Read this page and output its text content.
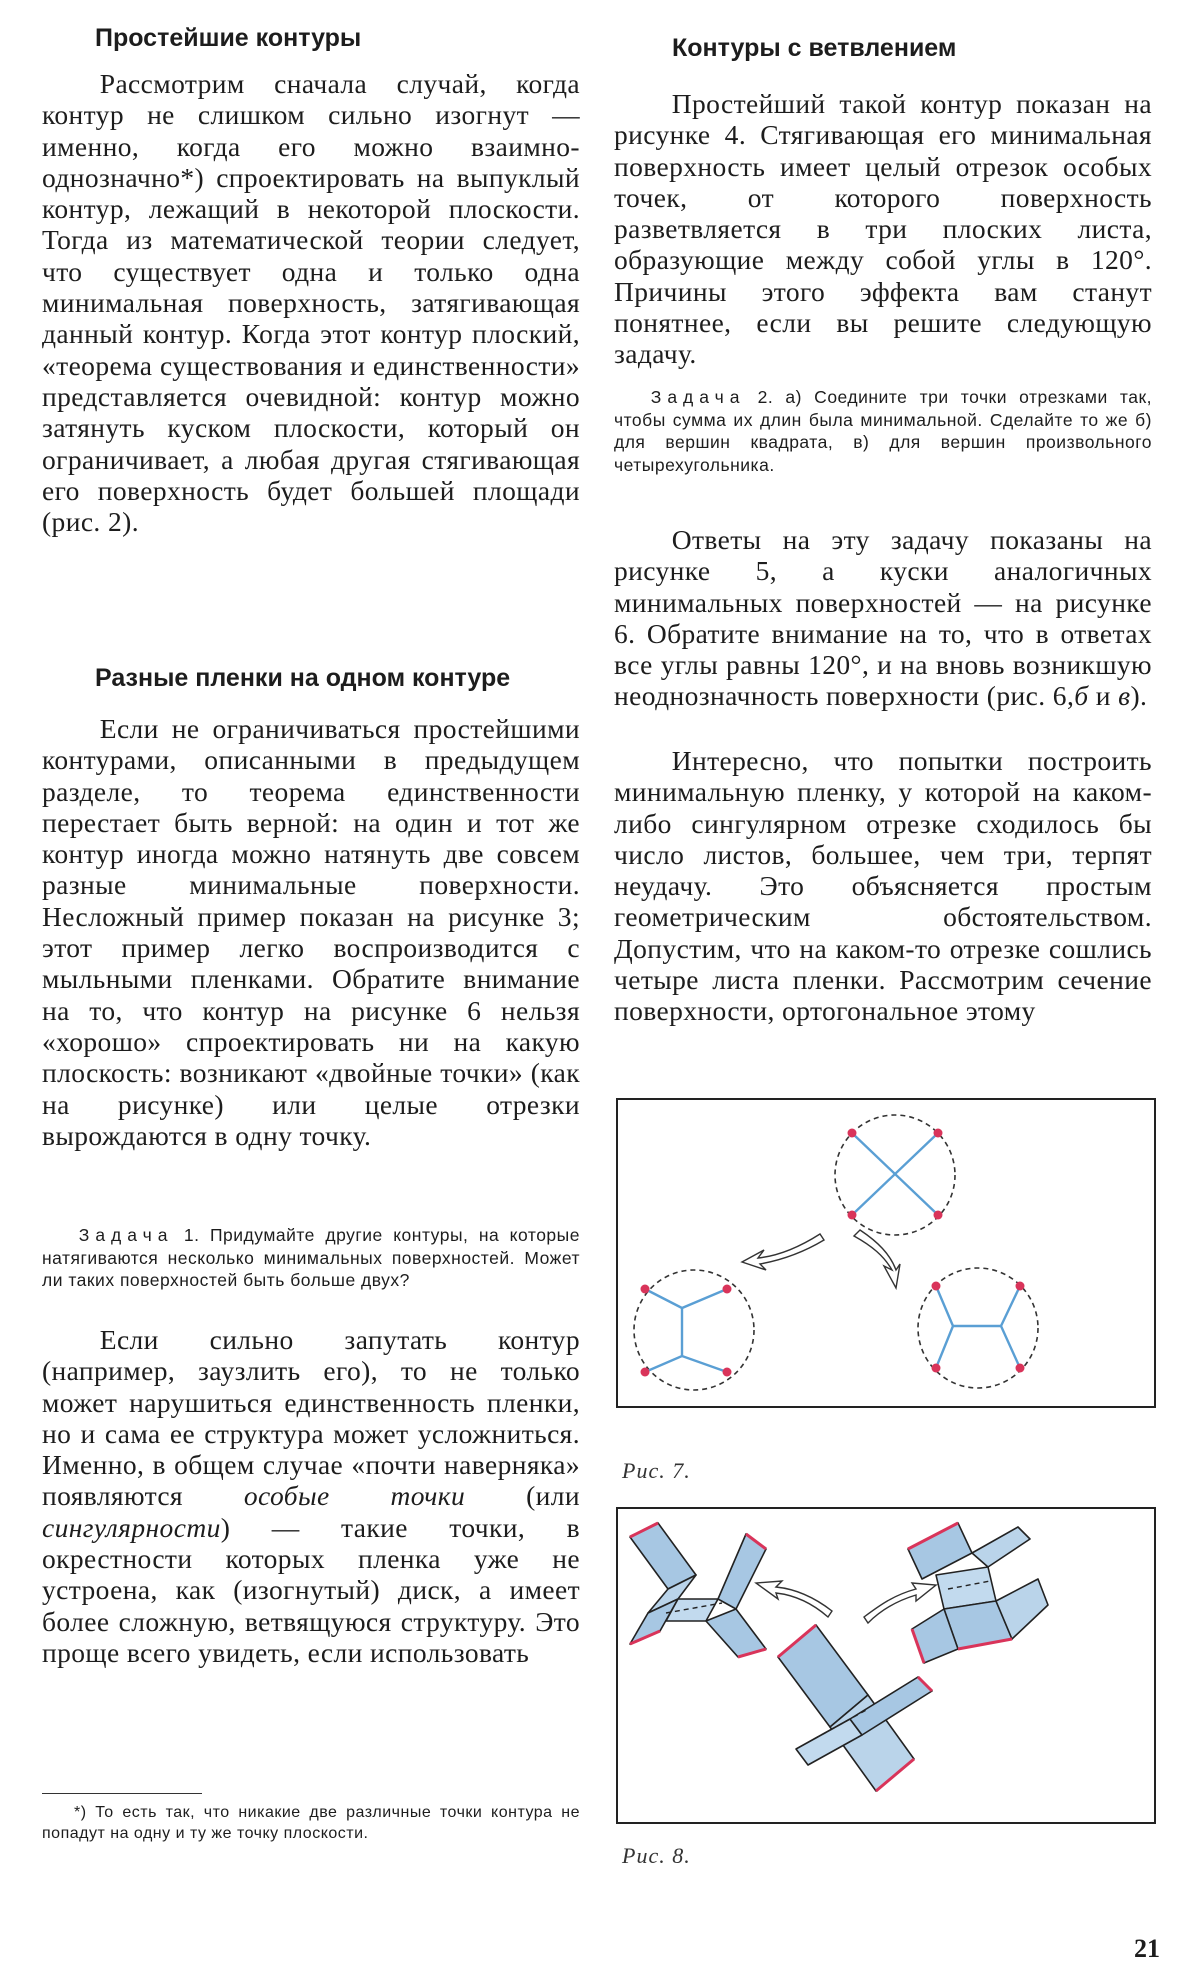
Простейшие контуры

Рассмотрим сначала случай, когда контур не слишком сильно изогнут — именно, когда его можно взаимно-однозначно*) спроектировать на выпуклый контур, лежащий в некоторой плоскости. Тогда из математической теории следует, что существует одна и только одна минимальная поверхность, затягивающая данный контур. Когда этот контур плоский, «теорема существования и единственности» представляется очевидной: контур можно затянуть куском плоскости, который он ограничивает, а любая другая стягивающая его поверхность будет большей площади (рис. 2).

Разные пленки на одном контуре

Если не ограничиваться простейшими контурами, описанными в предыдущем разделе, то теорема единственности перестает быть верной: на один и тот же контур иногда можно натянуть две совсем разные минимальные поверхности. Несложный пример показан на рисунке 3; этот пример легко воспроизводится с мыльными пленками. Обратите внимание на то, что контур на рисунке 6 нельзя «хорошо» спроектировать ни на какую плоскость: возникают «двойные точки» (как на рисунке) или целые отрезки вырождаются в одну точку.

Задача 1. Придумайте другие контуры, на которые натягиваются несколько минимальных поверхностей. Может ли таких поверхностей быть больше двух?

Если сильно запутать контур (например, заузлить его), то не только может нарушиться единственность пленки, но и сама ее структура может усложниться. Именно, в общем случае «почти наверняка» появляются особые точки (или сингулярности) — такие точки, в окрестности которых пленка уже не устроена, как (изогнутый) диск, а имеет более сложную, ветвящуюся структуру. Это проще всего увидеть, если использовать

*) То есть так, что никакие две различные точки контура не попадут на одну и ту же точку плоскости.

Контуры с ветвлением

Простейший такой контур показан на рисунке 4. Стягивающая его минимальная поверхность имеет целый отрезок особых точек, от которого поверхность разветвляется в три плоских листа, образующие между собой углы в 120°. Причины этого эффекта вам станут понятнее, если вы решите следующую задачу.

Задача 2. а) Соедините три точки отрезками так, чтобы сумма их длин была минимальной. Сделайте то же б) для вершин квадрата, в) для вершин произвольного четырехугольника.

Ответы на эту задачу показаны на рисунке 5, а куски аналогичных минимальных поверхностей — на рисунке 6. Обратите внимание на то, что в ответах все углы равны 120°, и на вновь возникшую неоднозначность поверхности (рис. 6,б и в).

Интересно, что попытки построить минимальную пленку, у которой на каком-либо сингулярном отрезке сходилось бы число листов, большее, чем три, терпят неудачу. Это объясняется простым геометрическим обстоятельством. Допустим, что на каком-то отрезке сошлись четыре листа пленки. Рассмотрим сечение поверхности, ортогональное этому

Рис. 7.
Рис. 8.
21
